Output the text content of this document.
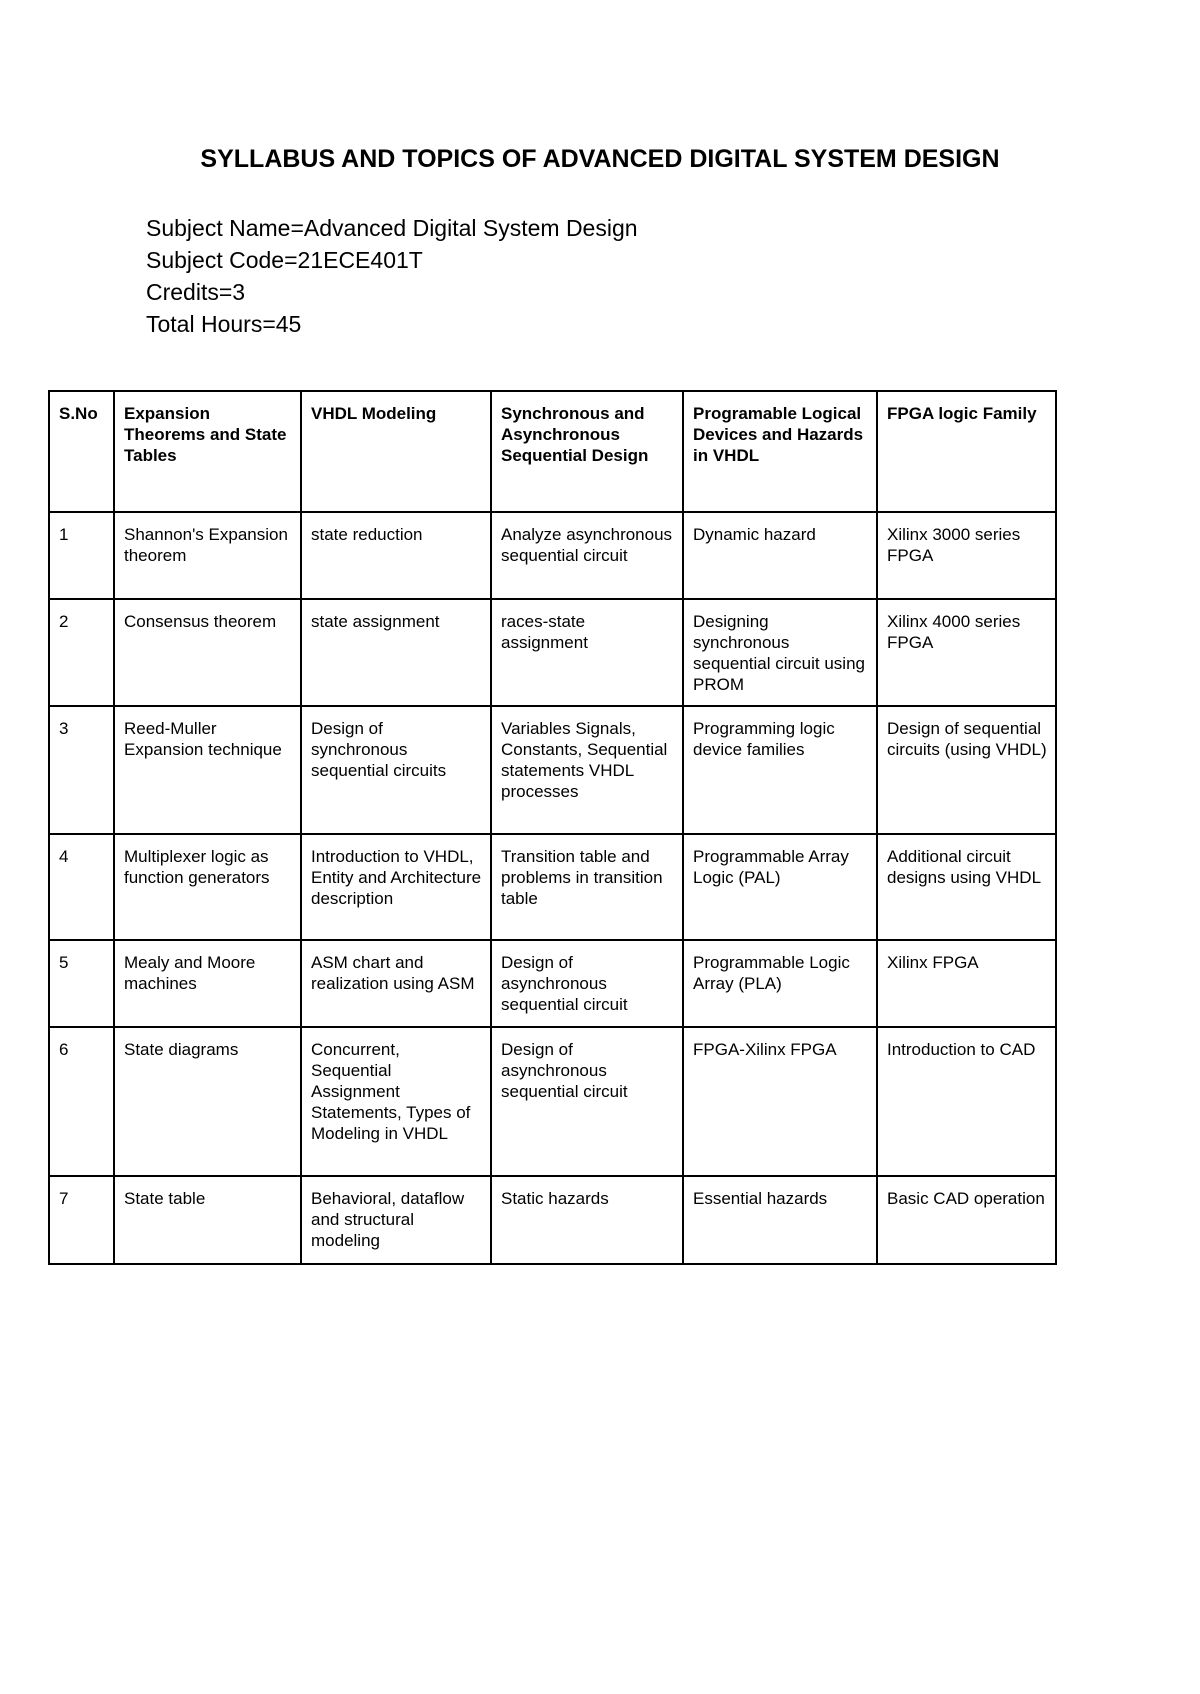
SYLLABUS AND TOPICS OF ADVANCED DIGITAL SYSTEM DESIGN
Subject Name=Advanced Digital System Design
Subject Code=21ECE401T
Credits=3
Total Hours=45
S.No	Expansion Theorems and State Tables	VHDL Modeling	Synchronous and Asynchronous Sequential Design	Programable Logical Devices and Hazards in VHDL	FPGA logic Family
1	Shannon's Expansion theorem	state reduction	Analyze asynchronous sequential circuit	Dynamic hazard	Xilinx 3000 series FPGA
2	Consensus theorem	state assignment	races-state assignment	Designing synchronous sequential circuit using PROM	Xilinx 4000 series FPGA
3	Reed-Muller Expansion technique	Design of synchronous sequential circuits	Variables Signals, Constants, Sequential statements VHDL processes	Programming logic device families	Design of sequential circuits (using VHDL)
4	Multiplexer logic as function generators	Introduction to VHDL, Entity and Architecture description	Transition table and problems in transition table	Programmable Array Logic (PAL)	Additional circuit designs using VHDL
5	Mealy and Moore machines	ASM chart and realization using ASM	Design of asynchronous sequential circuit	Programmable Logic Array (PLA)	Xilinx FPGA
6	State diagrams	Concurrent, Sequential Assignment Statements, Types of Modeling in VHDL	Design of asynchronous sequential circuit	FPGA-Xilinx FPGA	Introduction to CAD
7	State table	Behavioral, dataflow and structural modeling	Static hazards	Essential hazards	Basic CAD operation
